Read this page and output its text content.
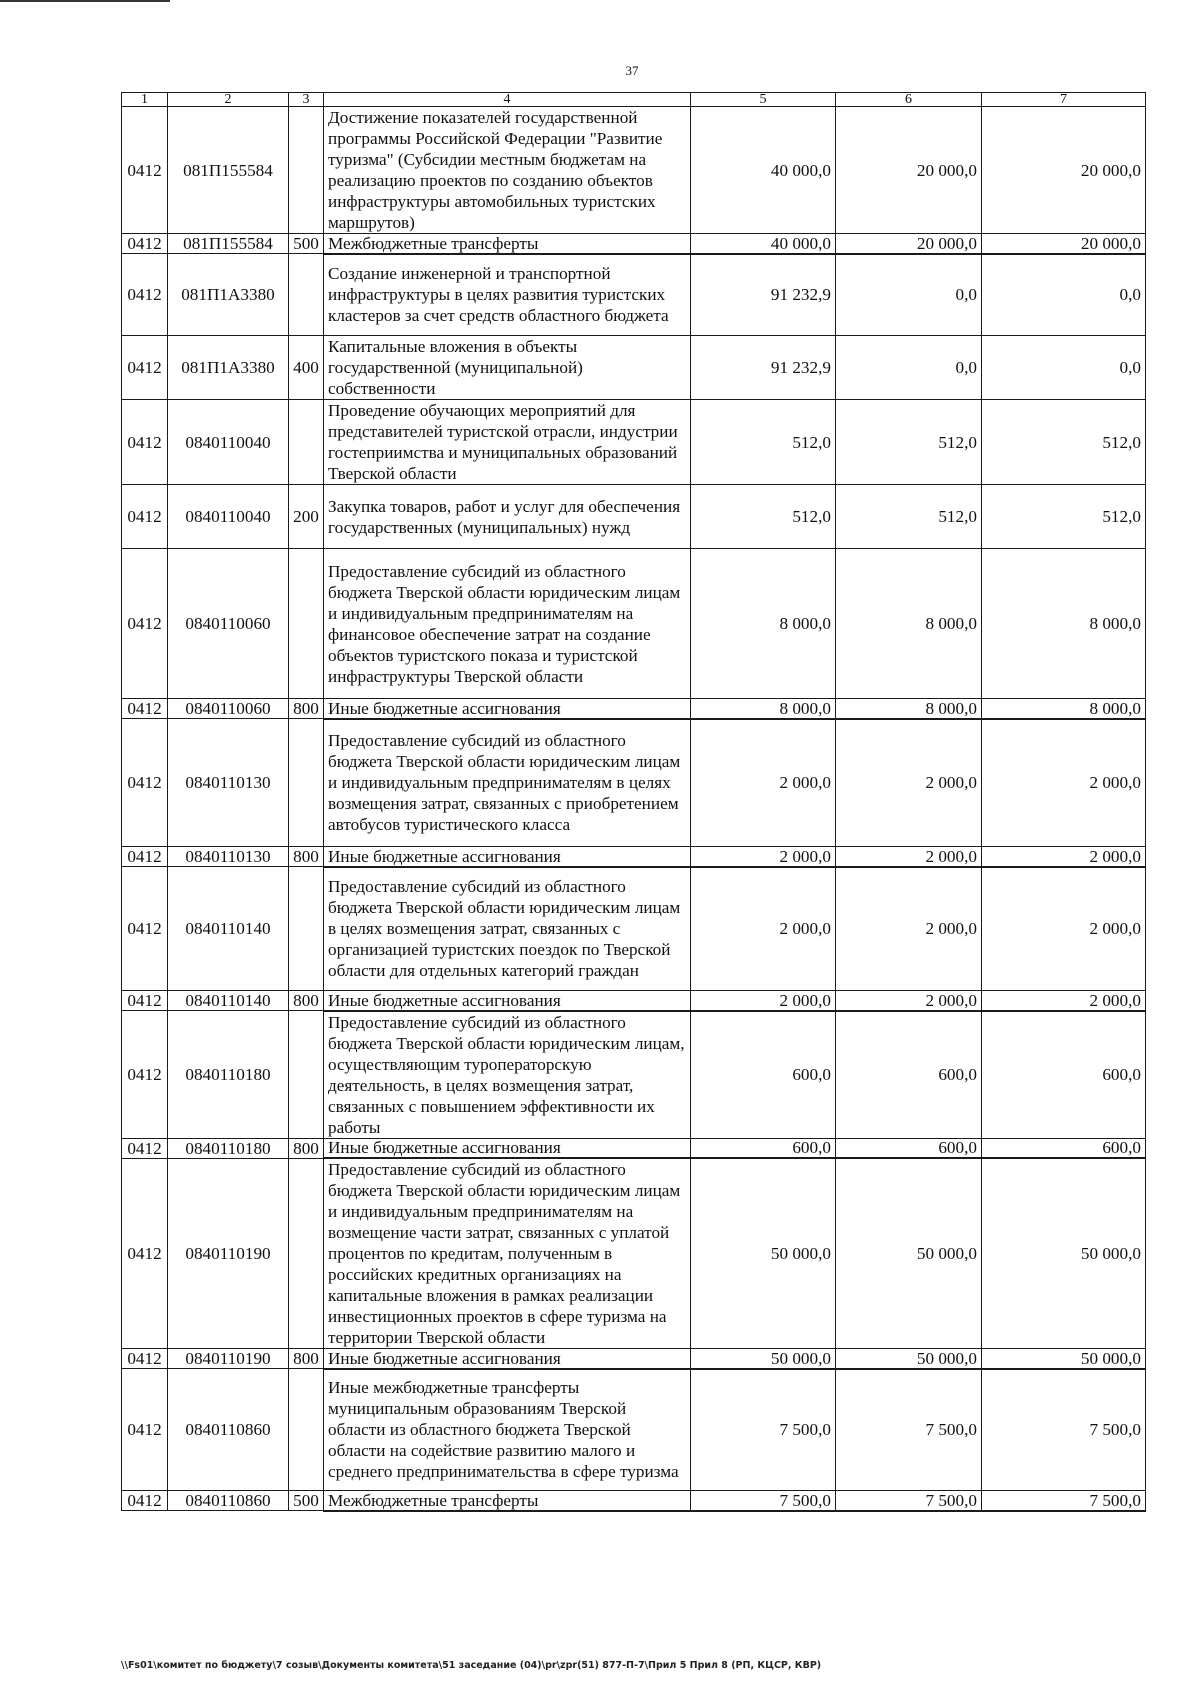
37
1	2	3	4	5	6	7
0412	081П155584		Достижение показателей государственной программы Российской Федерации "Развитие туризма" (Субсидии местным бюджетам на реализацию проектов по созданию объектов инфраструктуры автомобильных туристских маршрутов)	40 000,0	20 000,0	20 000,0
0412	081П155584	500	Межбюджетные трансферты	40 000,0	20 000,0	20 000,0
0412	081П1А3380		Создание инженерной и транспортной инфраструктуры в целях развития туристских кластеров за счет средств областного бюджета	91 232,9	0,0	0,0
0412	081П1А3380	400	Капитальные вложения в объекты государственной (муниципальной) собственности	91 232,9	0,0	0,0
0412	0840110040		Проведение обучающих мероприятий для представителей туристской отрасли, индустрии гостеприимства и муниципальных образований Тверской области	512,0	512,0	512,0
0412	0840110040	200	Закупка товаров, работ и услуг для обеспечения государственных (муниципальных) нужд	512,0	512,0	512,0
0412	0840110060		Предоставление субсидий из областного бюджета Тверской области юридическим лицам и индивидуальным предпринимателям на финансовое обеспечение затрат на создание объектов туристского показа и туристской инфраструктуры Тверской области	8 000,0	8 000,0	8 000,0
0412	0840110060	800	Иные бюджетные ассигнования	8 000,0	8 000,0	8 000,0
0412	0840110130		Предоставление субсидий из областного бюджета Тверской области юридическим лицам и индивидуальным предпринимателям в целях возмещения затрат, связанных с приобретением автобусов туристического класса	2 000,0	2 000,0	2 000,0
0412	0840110130	800	Иные бюджетные ассигнования	2 000,0	2 000,0	2 000,0
0412	0840110140		Предоставление субсидий из областного бюджета Тверской области юридическим лицам в целях возмещения затрат, связанных с организацией туристских поездок по Тверской области для отдельных категорий граждан	2 000,0	2 000,0	2 000,0
0412	0840110140	800	Иные бюджетные ассигнования	2 000,0	2 000,0	2 000,0
0412	0840110180		Предоставление субсидий из областного бюджета Тверской области юридическим лицам, осуществляющим туроператорскую деятельность, в целях возмещения затрат, связанных с повышением эффективности их работы	600,0	600,0	600,0
0412	0840110180	800	Иные бюджетные ассигнования	600,0	600,0	600,0
0412	0840110190		Предоставление субсидий из областного бюджета Тверской области юридическим лицам и индивидуальным предпринимателям на возмещение части затрат, связанных с уплатой процентов по кредитам, полученным в российских кредитных организациях на капитальные вложения в рамках реализации инвестиционных проектов в сфере туризма на территории Тверской области	50 000,0	50 000,0	50 000,0
0412	0840110190	800	Иные бюджетные ассигнования	50 000,0	50 000,0	50 000,0
0412	0840110860		Иные межбюджетные трансферты муниципальным образованиям Тверской области из областного бюджета Тверской области на содействие развитию малого и среднего предпринимательства в сфере туризма	7 500,0	7 500,0	7 500,0
0412	0840110860	500	Межбюджетные трансферты	7 500,0	7 500,0	7 500,0
\\Fs01\комитет по бюджету\7 созыв\Документы комитета\51 заседание (04)\pr\zpr(51) 877-П-7\Прил 5 Прил 8 (РП, КЦСР, КВР)
